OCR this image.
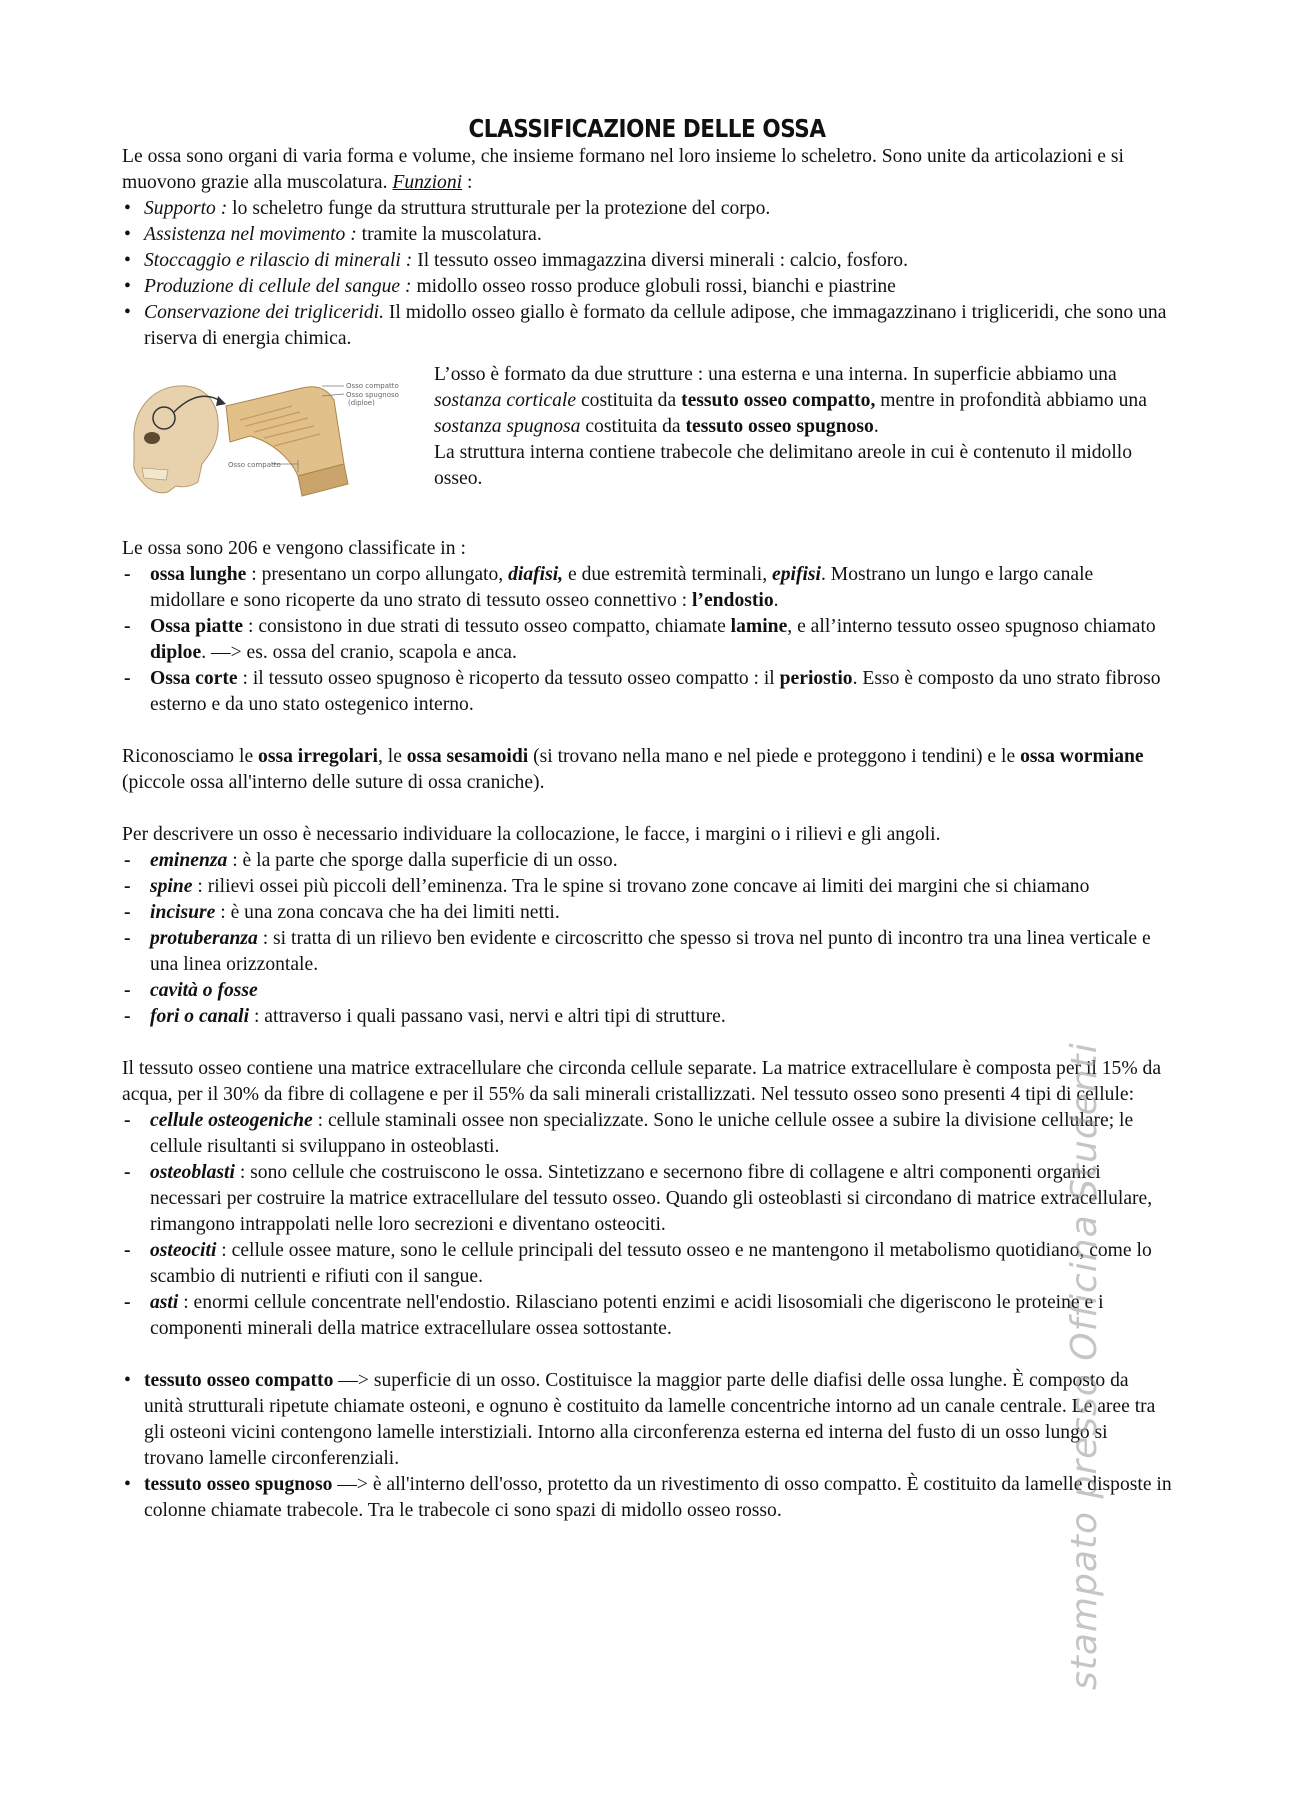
CLASSIFICAZIONE DELLE OSSA

Le ossa sono organi di varia forma e volume, che insieme formano nel loro insieme lo scheletro. Sono unite da articolazioni e si muovono grazie alla muscolatura. Funzioni :

• Supporto : lo scheletro funge da struttura strutturale per la protezione del corpo.
• Assistenza nel movimento : tramite la muscolatura.
• Stoccaggio e rilascio di minerali : Il tessuto osseo immagazzina diversi minerali : calcio, fosforo.
• Produzione di cellule del sangue : midollo osseo rosso produce globuli rossi, bianchi e piastrine
• Conservazione dei trigliceridi. Il midollo osseo giallo è formato da cellule adipose, che immagazzinano i trigliceridi, che sono una riserva di energia chimica.
Osso compatto
Osso spugnoso
(diploe)
Osso compatto

L’osso è formato da due strutture : una esterna e una interna. In superficie abbiamo una sostanza corticale costituita da tessuto osseo compatto, mentre in profondità abbiamo una sostanza spugnosa costituita da tessuto osseo spugnoso.

La struttura interna contiene trabecole che delimitano areole in cui è contenuto il midollo osseo.

Le ossa sono 206 e vengono classificate in :

- ossa lunghe : presentano un corpo allungato, diafisi, e due estremità terminali, epifisi. Mostrano un lungo e largo canale midollare e sono ricoperte da uno strato di tessuto osseo connettivo : l’endostio.
- Ossa piatte : consistono in due strati di tessuto osseo compatto, chiamate lamine, e all’interno tessuto osseo spugnoso chiamato diploe. —> es. ossa del cranio, scapola e anca.
- Ossa corte : il tessuto osseo spugnoso è ricoperto da tessuto osseo compatto : il periostio. Esso è composto da uno strato fibroso esterno e da uno stato ostegenico interno.

Riconosciamo le ossa irregolari, le ossa sesamoidi (si trovano nella mano e nel piede e proteggono i tendini) e le ossa wormiane (piccole ossa all'interno delle suture di ossa craniche).

Per descrivere un osso è necessario individuare la collocazione, le facce, i margini o i rilievi e gli angoli.

- eminenza : è la parte che sporge dalla superficie di un osso.
- spine : rilievi ossei più piccoli dell’eminenza. Tra le spine si trovano zone concave ai limiti dei margini che si chiamano
- incisure : è una zona concava che ha dei limiti netti.
- protuberanza : si tratta di un rilievo ben evidente e circoscritto che spesso si trova nel punto di incontro tra una linea verticale e una linea orizzontale.
- cavità o fosse
- fori o canali : attraverso i quali passano vasi, nervi e altri tipi di strutture.

Il tessuto osseo contiene una matrice extracellulare che circonda cellule separate. La matrice extracellulare è composta per il 15% da acqua, per il 30% da fibre di collagene e per il 55% da sali minerali cristallizzati. Nel tessuto osseo sono presenti 4 tipi di cellule:

- cellule osteogeniche : cellule staminali ossee non specializzate. Sono le uniche cellule ossee a subire la divisione cellulare; le cellule risultanti si sviluppano in osteoblasti.
- osteoblasti : sono cellule che costruiscono le ossa. Sintetizzano e secernono fibre di collagene e altri componenti organici necessari per costruire la matrice extracellulare del tessuto osseo. Quando gli osteoblasti si circondano di matrice extracellulare, rimangono intrappolati nelle loro secrezioni e diventano osteociti.
- osteociti : cellule ossee mature, sono le cellule principali del tessuto osseo e ne mantengono il metabolismo quotidiano, come lo scambio di nutrienti e rifiuti con il sangue.
- asti : enormi cellule concentrate nell'endostio. Rilasciano potenti enzimi e acidi lisosomiali che digeriscono le proteine e i componenti minerali della matrice extracellulare ossea sottostante.
• tessuto osseo compatto —> superficie di un osso. Costituisce la maggior parte delle diafisi delle ossa lunghe. È composto da unità strutturali ripetute chiamate osteoni, e ognuno è costituito da lamelle concentriche intorno ad un canale centrale. Le aree tra gli osteoni vicini contengono lamelle interstiziali. Intorno alla circonferenza esterna ed interna del fusto di un osso lungo si trovano lamelle circonferenziali.
• tessuto osseo spugnoso —> è all'interno dell'osso, protetto da un rivestimento di osso compatto. È costituito da lamelle disposte in colonne chiamate trabecole. Tra le trabecole ci sono spazi di midollo osseo rosso.	stampato presso Officina Studenti
